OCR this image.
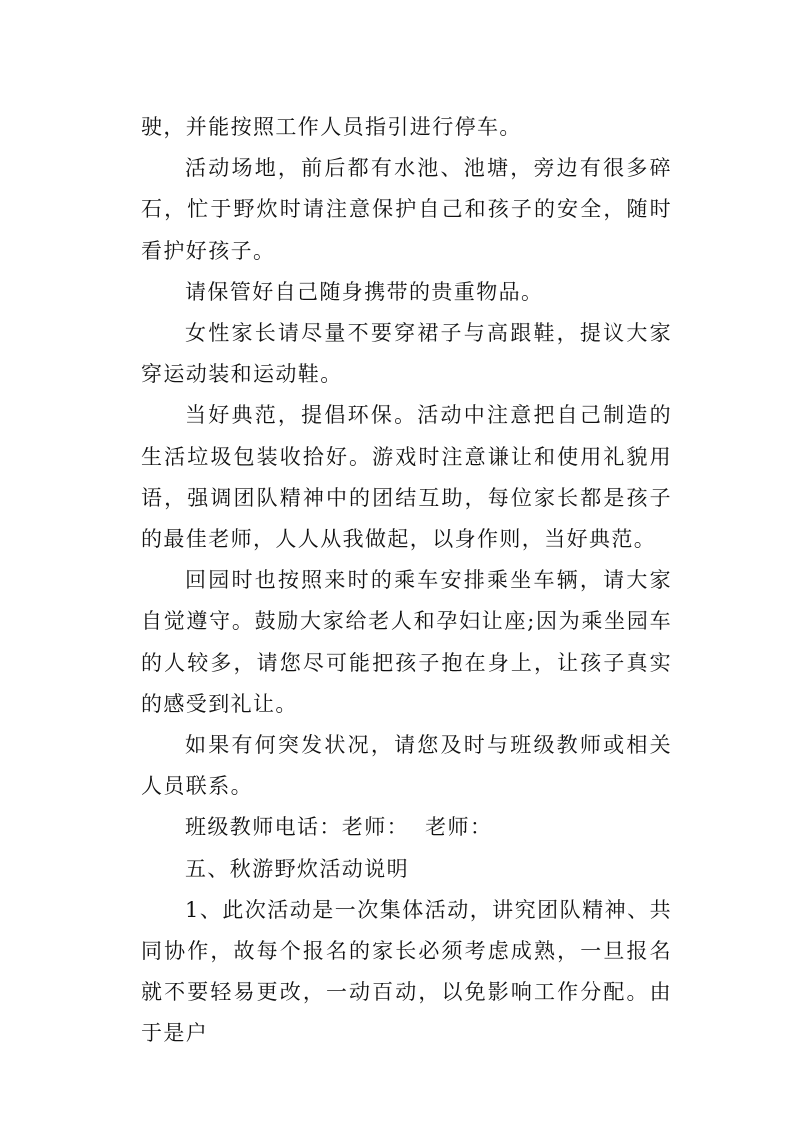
驶，并能按照工作人员指引进行停车。

活动场地，前后都有水池、池塘，旁边有很多碎石，忙于野炊时请注意保护自己和孩子的安全，随时看护好孩子。

请保管好自己随身携带的贵重物品。

女性家长请尽量不要穿裙子与高跟鞋，提议大家穿运动装和运动鞋。

当好典范，提倡环保。活动中注意把自己制造的生活垃圾包装收拾好。游戏时注意谦让和使用礼貌用语，强调团队精神中的团结互助，每位家长都是孩子的最佳老师，人人从我做起，以身作则，当好典范。

回园时也按照来时的乘车安排乘坐车辆，请大家自觉遵守。鼓励大家给老人和孕妇让座;因为乘坐园车的人较多，请您尽可能把孩子抱在身上，让孩子真实的感受到礼让。

如果有何突发状况，请您及时与班级教师或相关人员联系。

班级教师电话：老师：  老师：

五、秋游野炊活动说明

1、此次活动是一次集体活动，讲究团队精神、共同协作，故每个报名的家长必须考虑成熟，一旦报名就不要轻易更改，一动百动，以免影响工作分配。由于是户
